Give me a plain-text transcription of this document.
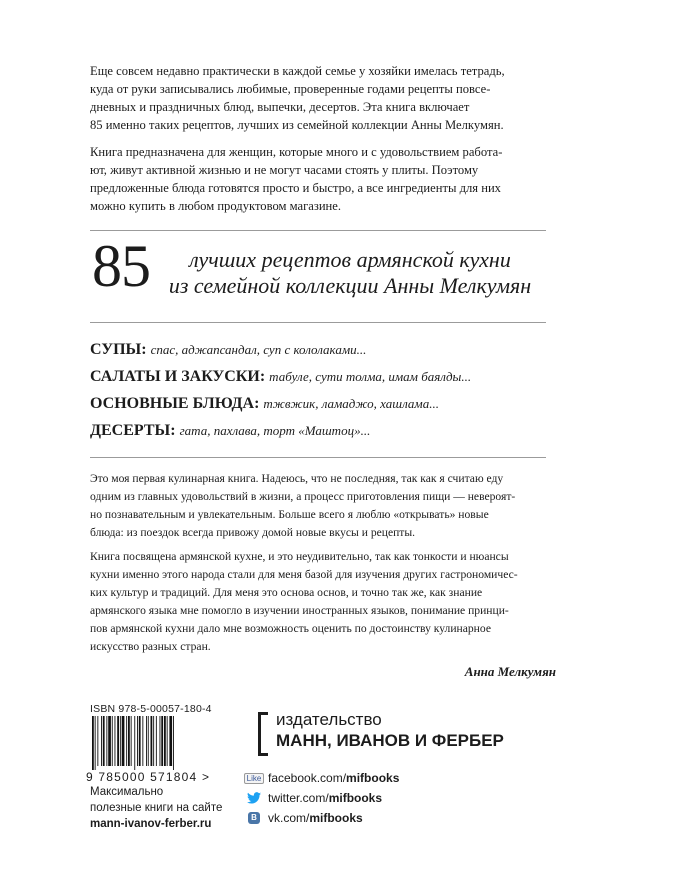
Еще совсем недавно практически в каждой семье у хозяйки имелась тетрадь,
куда от руки записывались любимые, проверенные годами рецепты повсе-
дневных и праздничных блюд, выпечки, десертов. Эта книга включает
85 именно таких рецептов, лучших из семейной коллекции Анны Мелкумян.

Книга предназначена для женщин, которые много и с удовольствием работа-
ют, живут активной жизнью и не могут часами стоять у плиты. Поэтому
предложенные блюда готовятся просто и быстро, а все ингредиенты для них
можно купить в любом продуктовом магазине.

85	лучших рецептов армянской кухни
из семейной коллекции Анны Мелкумян
СУПЫ: спас, аджапсандал, суп с кололаками...
САЛАТЫ И ЗАКУСКИ: табуле, сути толма, имам баялды...
ОСНОВНЫЕ БЛЮДА: тжвжик, ламаджо, хашлама...
ДЕСЕРТЫ: гата, пахлава, торт «Маштоц»...

Это моя первая кулинарная книга. Надеюсь, что не последняя, так как я считаю еду
одним из главных удовольствий в жизни, а процесс приготовления пищи — невероят-
но познавательным и увлекательным. Больше всего я люблю «открывать» новые
блюда: из поездок всегда привожу домой новые вкусы и рецепты.

Книга посвящена армянской кухне, и это неудивительно, так как тонкости и нюансы
кухни именно этого народа стали для меня базой для изучения других гастрономичес-
ких культур и традиций. Для меня это основа основ, и точно так же, как знание
армянского языка мне помогло в изучении иностранных языков, понимание принци-
пов армянской кухни дало мне возможность оценить по достоинству кулинарное
искусство разных стран.

Анна Мелкумян
ISBN 978-5-00057-180-4
9 785000 571804 >
Максимально
полезные книги на сайте
mann-ivanov-ferber.ru
издательство
МАНН, ИВАНОВ И ФЕРБЕР
Like facebook.com/ mifbooks
twitter.com/ mifbooks
B vk.com/ mifbooks
